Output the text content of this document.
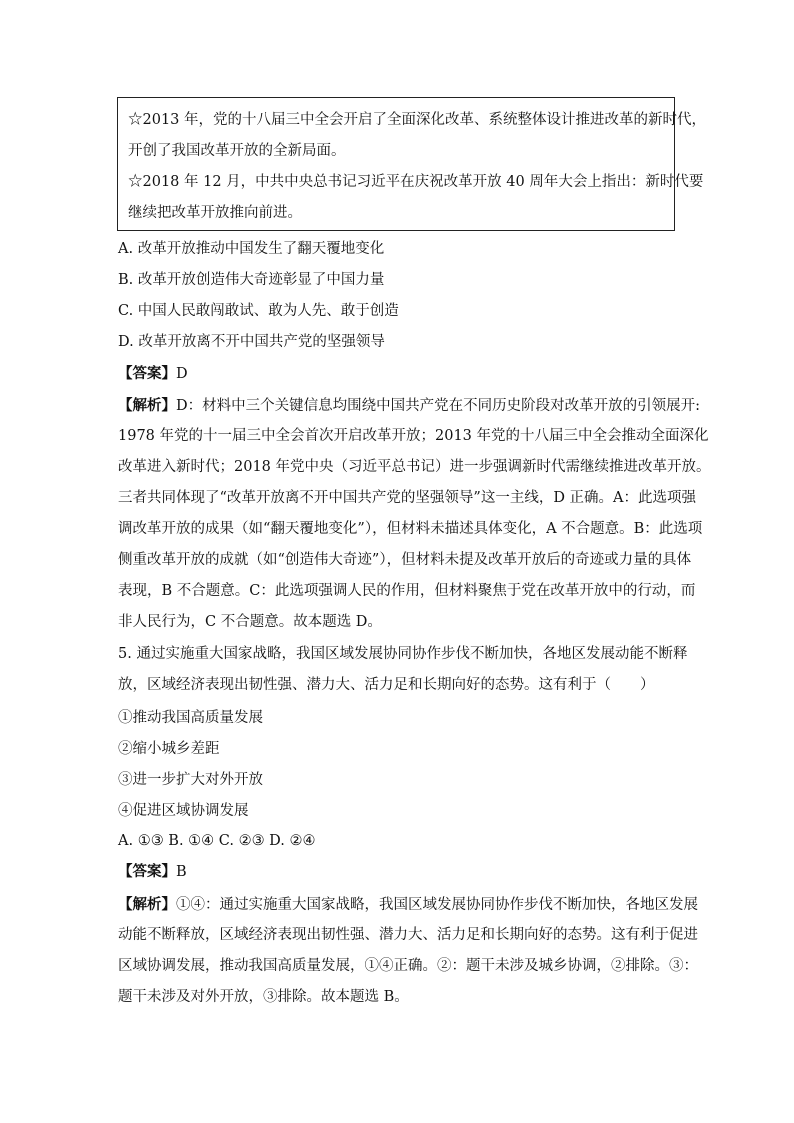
☆2013 年，党的十八届三中全会开启了全面深化改革、系统整体设计推进改革的新时代，

开创了我国改革开放的全新局面。

☆2018 年 12 月，中共中央总书记习近平在庆祝改革开放 40 周年大会上指出：新时代要

继续把改革开放推向前进。

A. 改革开放推动中国发生了翻天覆地变化
B. 改革开放创造伟大奇迹彰显了中国力量
C. 中国人民敢闯敢试、敢为人先、敢于创造
D. 改革开放离不开中国共产党的坚强领导
【答案】D
【解析】D：材料中三个关键信息均围绕中国共产党在不同历史阶段对改革开放的引领展开:
1978 年党的十一届三中全会首次开启改革开放；2013 年党的十八届三中全会推动全面深化
改革进入新时代；2018 年党中央（习近平总书记）进一步强调新时代需继续推进改革开放。
三者共同体现了“改革开放离不开中国共产党的坚强领导”这一主线，D 正确。A：此选项强
调改革开放的成果（如“翻天覆地变化”），但材料未描述具体变化，A 不合题意。B：此选项
侧重改革开放的成就（如“创造伟大奇迹”），但材料未提及改革开放后的奇迹或力量的具体
表现，B 不合题意。C：此选项强调人民的作用，但材料聚焦于党在改革开放中的行动，而
非人民行为，C 不合题意。故本题选 D。
5. 通过实施重大国家战略，我国区域发展协同协作步伐不断加快，各地区发展动能不断释
放，区域经济表现出韧性强、潜力大、活力足和长期向好的态势。这有利于（　　）
①推动我国高质量发展
②缩小城乡差距
③进一步扩大对外开放
④促进区域协调发展
A. ①③ B. ①④ C. ②③ D. ②④
【答案】B
【解析】①④：通过实施重大国家战略，我国区域发展协同协作步伐不断加快，各地区发展
动能不断释放，区域经济表现出韧性强、潜力大、活力足和长期向好的态势。这有利于促进
区域协调发展，推动我国高质量发展，①④正确。②：题干未涉及城乡协调，②排除。③：
题干未涉及对外开放，③排除。故本题选 B。
